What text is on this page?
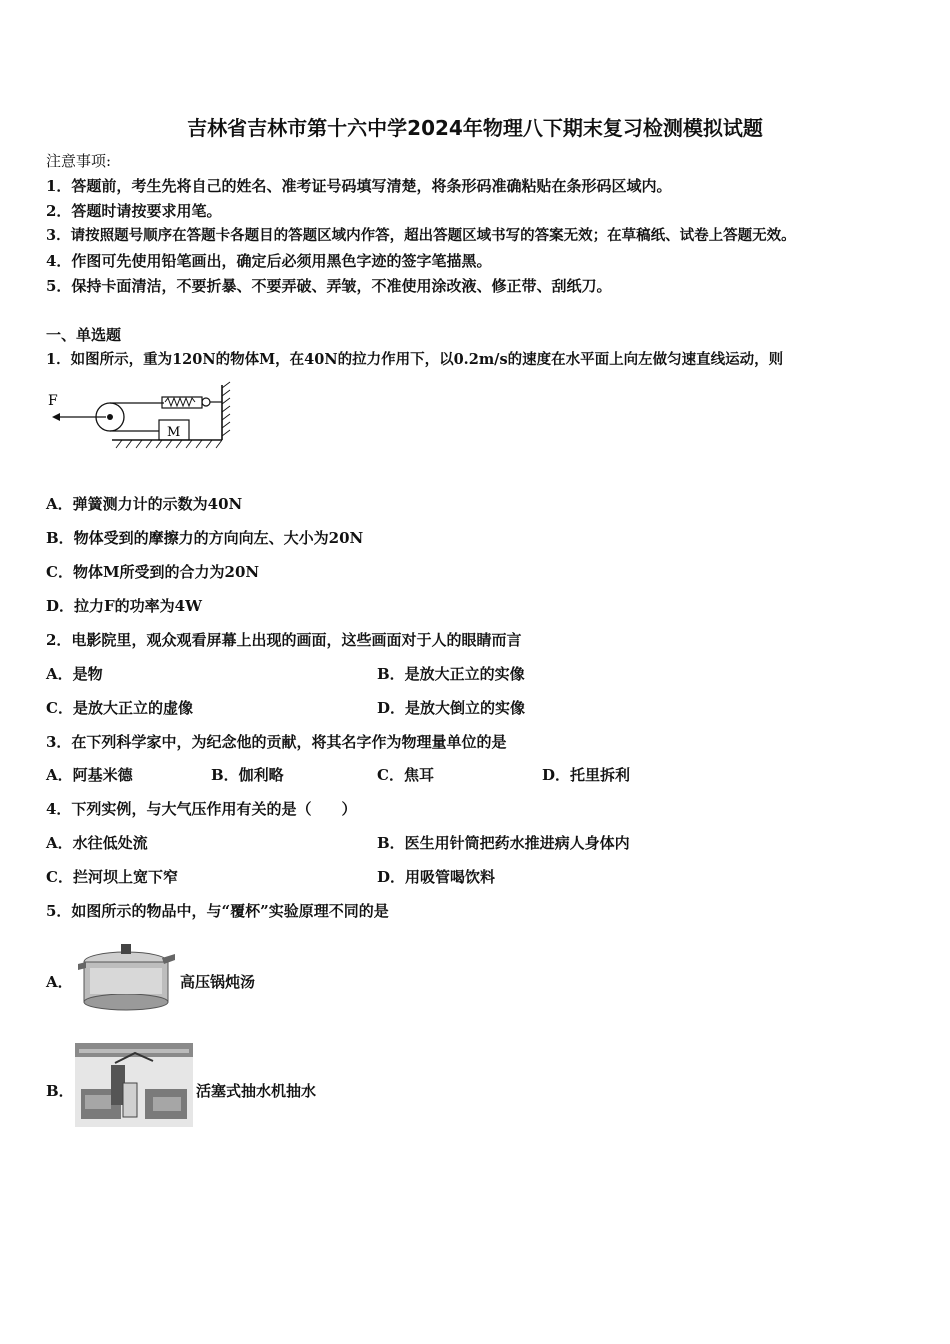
吉林省吉林市第十六中学2024年物理八下期末复习检测模拟试题
注意事项:
1．答题前，考生先将自己的姓名、准考证号码填写清楚，将条形码准确粘贴在条形码区域内。
2．答题时请按要求用笔。
3．请按照题号顺序在答题卡各题目的答题区域内作答，超出答题区域书写的答案无效；在草稿纸、试卷上答题无效。
4．作图可先使用铅笔画出，确定后必须用黑色字迹的签字笔描黑。
5．保持卡面清洁，不要折暴、不要弄破、弄皱，不准使用涂改液、修正带、刮纸刀。
一、单选题
1．如图所示，重为120N的物体M，在40N的拉力作用下，以0.2m/s的速度在水平面上向左做匀速直线运动，则
F
M
A．弹簧测力计的示数为40N
B．物体受到的摩擦力的方向向左、大小为20N
C．物体M所受到的合力为20N
D．拉力F的功率为4W
2．电影院里，观众观看屏幕上出现的画面，这些画面对于人的眼睛而言
A．是物	B．是放大正立的实像
C．是放大正立的虚像	D．是放大倒立的实像
3．在下列科学家中，为纪念他的贡献，将其名字作为物理量单位的是
A．阿基米德	B．伽利略	C．焦耳	D．托里拆利
4．下列实例，与大气压作用有关的是（　　）
A．水往低处流	B．医生用针筒把药水推进病人身体内
C．拦河坝上宽下窄	D．用吸管喝饮料
5．如图所示的物品中，与“覆杯”实验原理不同的是
A．	高压锅炖汤
B．	活塞式抽水机抽水
